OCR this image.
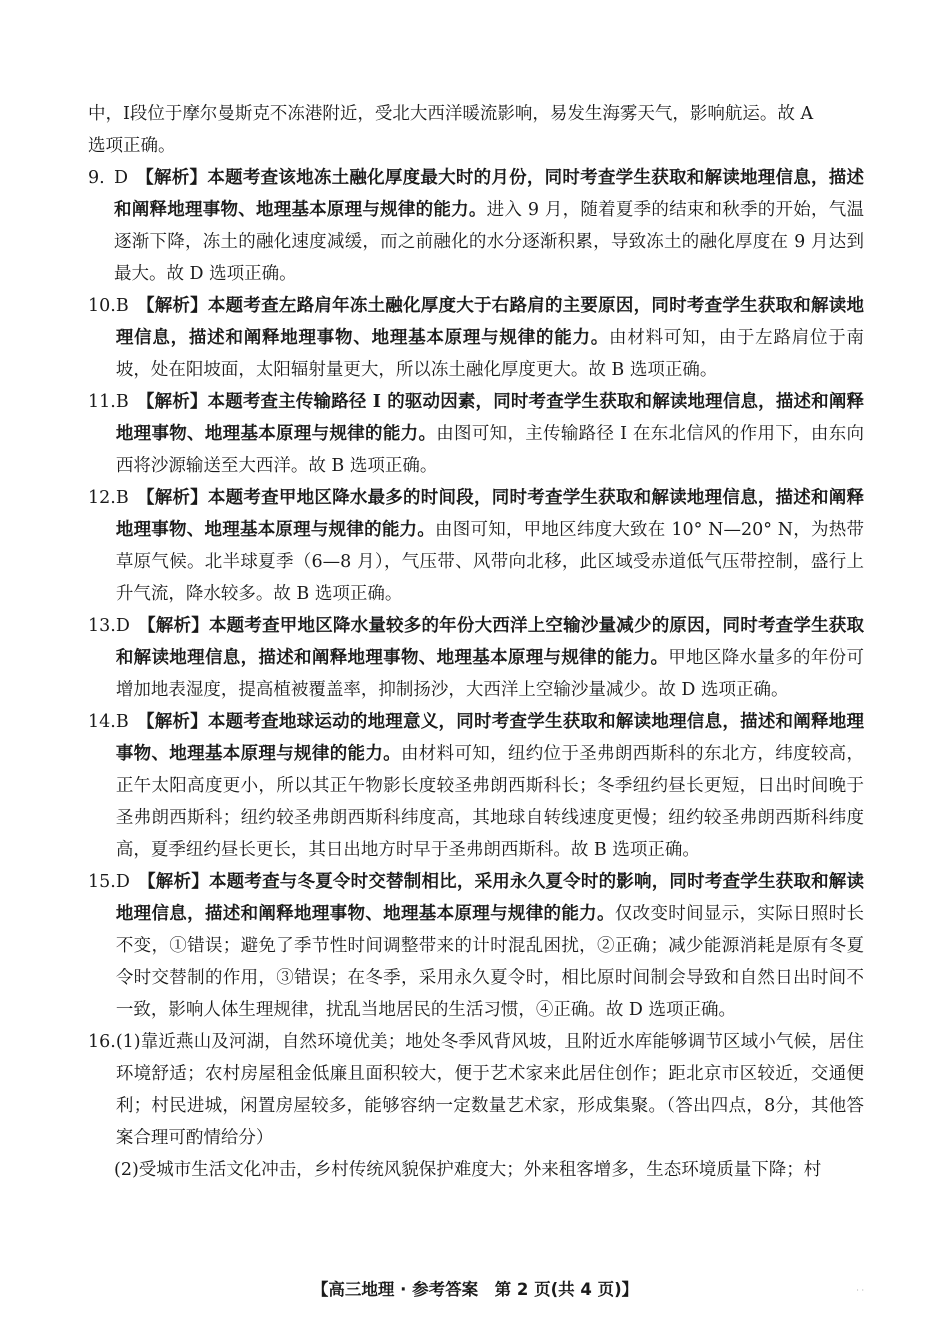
中，I段位于摩尔曼斯克不冻港附近，受北大西洋暖流影响，易发生海雾天气，影响航运。故 A

选项正确。

9. D 【解析】本题考查该地冻土融化厚度最大时的月份，同时考查学生获取和解读地理信息，描述和阐释地理事物、地理基本原理与规律的能力。进入 9 月，随着夏季的结束和秋季的开始，气温逐渐下降，冻土的融化速度减缓，而之前融化的水分逐渐积累，导致冻土的融化厚度在 9 月达到最大。故 D 选项正确。
10. B 【解析】本题考查左路肩年冻土融化厚度大于右路肩的主要原因，同时考查学生获取和解读地理信息，描述和阐释地理事物、地理基本原理与规律的能力。由材料可知，由于左路肩位于南坡，处在阳坡面，太阳辐射量更大，所以冻土融化厚度更大。故 B 选项正确。
11. B 【解析】本题考查主传输路径 I 的驱动因素，同时考查学生获取和解读地理信息，描述和阐释地理事物、地理基本原理与规律的能力。由图可知，主传输路径 I 在东北信风的作用下，由东向西将沙源输送至大西洋。故 B 选项正确。
12. B 【解析】本题考查甲地区降水最多的时间段，同时考查学生获取和解读地理信息，描述和阐释地理事物、地理基本原理与规律的能力。由图可知，甲地区纬度大致在 10° N—20° N，为热带草原气候。北半球夏季（6—8 月），气压带、风带向北移，此区域受赤道低气压带控制，盛行上升气流，降水较多。故 B 选项正确。
13. D 【解析】本题考查甲地区降水量较多的年份大西洋上空输沙量减少的原因，同时考查学生获取和解读地理信息，描述和阐释地理事物、地理基本原理与规律的能力。甲地区降水量多的年份可增加地表湿度，提高植被覆盖率，抑制扬沙，大西洋上空输沙量减少。故 D 选项正确。
14. B 【解析】本题考查地球运动的地理意义，同时考查学生获取和解读地理信息，描述和阐释地理事物、地理基本原理与规律的能力。由材料可知，纽约位于圣弗朗西斯科的东北方，纬度较高，正午太阳高度更小，所以其正午物影长度较圣弗朗西斯科长；冬季纽约昼长更短，日出时间晚于圣弗朗西斯科；纽约较圣弗朗西斯科纬度高，其地球自转线速度更慢；纽约较圣弗朗西斯科纬度高，夏季纽约昼长更长，其日出地方时早于圣弗朗西斯科。故 B 选项正确。
15. D 【解析】本题考查与冬夏令时交替制相比，采用永久夏令时的影响，同时考查学生获取和解读地理信息，描述和阐释地理事物、地理基本原理与规律的能力。仅改变时间显示，实际日照时长不变，①错误；避免了季节性时间调整带来的计时混乱困扰，②正确；减少能源消耗是原有冬夏令时交替制的作用，③错误；在冬季，采用永久夏令时，相比原时间制会导致和自然日出时间不一致，影响人体生理规律，扰乱当地居民的生活习惯，④正确。故 D 选项正确。
16. (1)靠近燕山及河湖，自然环境优美；地处冬季风背风坡，且附近水库能够调节区域小气候，居住环境舒适；农村房屋租金低廉且面积较大，便于艺术家来此居住创作；距北京市区较近，交通便利；村民进城，闲置房屋较多，能够容纳一定数量艺术家，形成集聚。（答出四点，8分，其他答案合理可酌情给分）

(2)受城市生活文化冲击，乡村传统风貌保护难度大；外来租客增多，生态环境质量下降；村

【高三地理 · 参考答案　第 2 页(共 4 页)】	· ·
